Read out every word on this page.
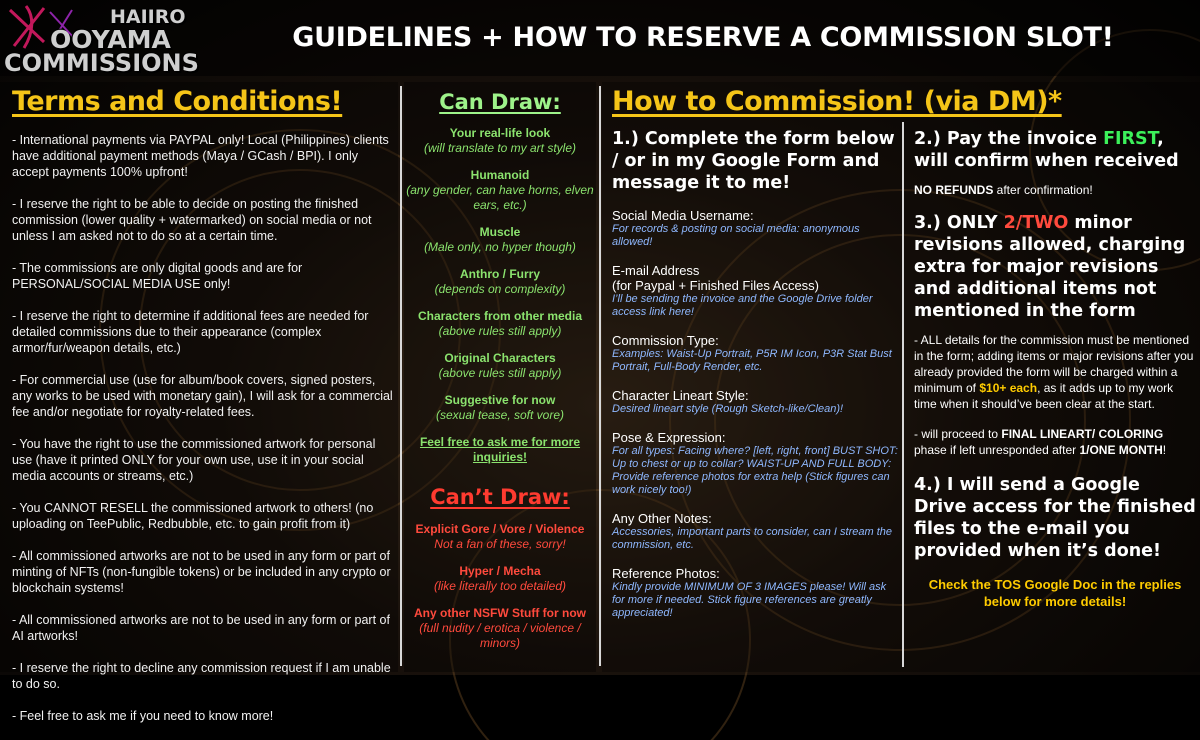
HAIIRO
OOYAMA
COMMISSIONS
GUIDELINES + HOW TO RESERVE A COMMISSION SLOT!
Terms and Conditions!

- International payments via PAYPAL only! Local (Philippines) clients have additional payment methods (Maya / GCash / BPI). I only accept payments 100% upfront!

- I reserve the right to be able to decide on posting the finished commission (lower quality + watermarked) on social media or not unless I am asked not to do so at a certain time.

- The commissions are only digital goods and are for PERSONAL/SOCIAL MEDIA USE only!

- I reserve the right to determine if additional fees are needed for detailed commissions due to their appearance (complex armor/fur/weapon details, etc.)

- For commercial use (use for album/book covers, signed posters, any works to be used with monetary gain), I will ask for a commercial fee and/or negotiate for royalty-related fees.

- You have the right to use the commissioned artwork for personal use (have it printed ONLY for your own use, use it in your social media accounts or streams, etc.)

- You CANNOT RESELL the commissioned artwork to others! (no uploading on TeePublic, Redbubble, etc. to gain profit from it)

- All commissioned artworks are not to be used in any form or part of minting of NFTs (non-fungible tokens) or be included in any crypto or blockchain systems!

- All commissioned artworks are not to be used in any form or part of AI artworks!

- I reserve the right to decline any commission request if I am unable to do so.

- Feel free to ask me if you need to know more!

Can Draw:
Your real-life look
(will translate to my art style)
Humanoid
(any gender, can have horns, elven ears, etc.)
Muscle
(Male only, no hyper though)
Anthro / Furry
(depends on complexity)
Characters from other media
(above rules still apply)
Original Characters
(above rules still apply)
Suggestive for now
(sexual tease, soft vore)
Feel free to ask me for more inquiries!
Can’t Draw:
Explicit Gore / Vore / Violence
Not a fan of these, sorry!
Hyper / Mecha
(like literally too detailed)
Any other NSFW Stuff for now
(full nudity / erotica / violence / minors)
How to Commission! (via DM)*
1.) Complete the form below / or in my Google Form and message it to me!
Social Media Username:
For records & posting on social media: anonymous allowed!
E-mail Address
(for Paypal + Finished Files Access)
I’ll be sending the invoice and the Google Drive folder access link here!
Commission Type:
Examples: Waist-Up Portrait, P5R IM Icon, P3R Stat Bust Portrait, Full-Body Render, etc.
Character Lineart Style:
Desired lineart style (Rough Sketch-like/Clean)!
Pose & Expression:
For all types: Facing where? [left, right, front] BUST SHOT: Up to chest or up to collar? WAIST-UP AND FULL BODY: Provide reference photos for extra help (Stick figures can work nicely too!)
Any Other Notes:
Accessories, important parts to consider, can I stream the commission, etc.
Reference Photos:
Kindly provide MINIMUM OF 3 IMAGES please! Will ask for more if needed. Stick figure references are greatly appreciated!
2.) Pay the invoice FIRST, will confirm when received
NO REFUNDS after confirmation!
3.) ONLY 2/TWO minor revisions allowed, charging extra for major revisions and additional items not mentioned in the form
- ALL details for the commission must be mentioned in the form; adding items or major revisions after you already provided the form will be charged within a minimum of $10+ each, as it adds up to my work time when it should’ve been clear at the start.
- will proceed to FINAL LINEART/ COLORING phase if left unresponded after 1/ONE MONTH!
4.) I will send a Google Drive access for the finished files to the e-mail you provided when it’s done!
Check the TOS Google Doc in the replies below for more details!
